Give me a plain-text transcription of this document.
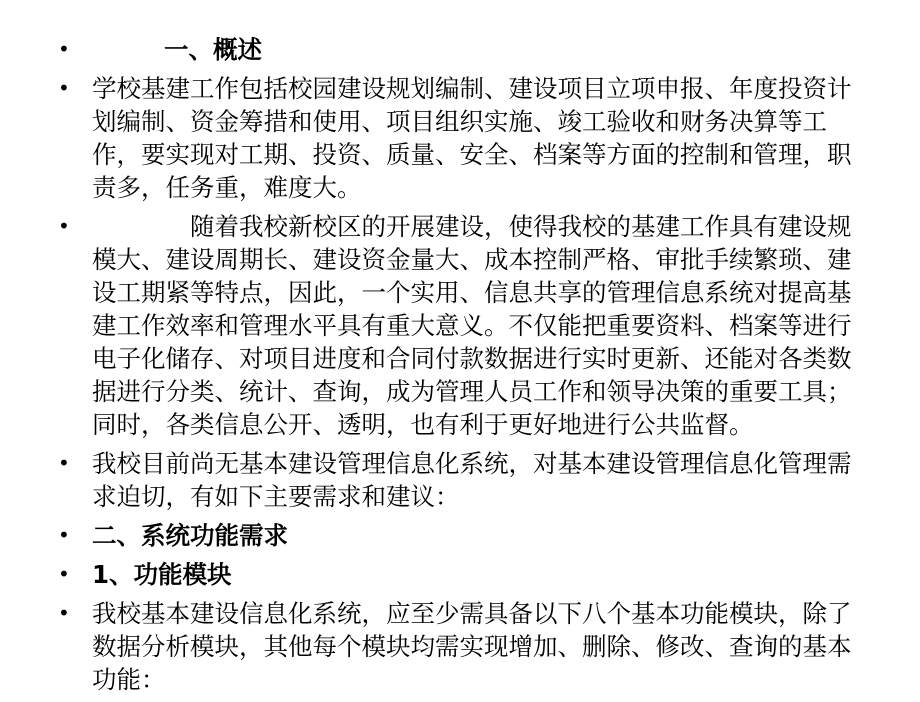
•	一、概述
• 学校基建工作包括校园建设规划编制、建设项目立项申报、年度投资计划编制、资金筹措和使用、项目组织实施、竣工验收和财务决算等工作，要实现对工期、投资、质量、安全、档案等方面的控制和管理，职责多，任务重，难度大。
•	随着我校新校区的开展建设，使得我校的基建工作具有建设规模大、建设周期长、建设资金量大、成本控制严格、审批手续繁琐、建设工期紧等特点，因此，一个实用、信息共享的管理信息系统对提高基建工作效率和管理水平具有重大意义。不仅能把重要资料、档案等进行电子化储存、对项目进度和合同付款数据进行实时更新、还能对各类数据进行分类、统计、查询，成为管理人员工作和领导决策的重要工具；同时，各类信息公开、透明，也有利于更好地进行公共监督。
• 我校目前尚无基本建设管理信息化系统，对基本建设管理信息化管理需求迫切，有如下主要需求和建议：
• 二、系统功能需求
• 1、功能模块
• 我校基本建设信息化系统，应至少需具备以下八个基本功能模块，除了数据分析模块，其他每个模块均需实现增加、删除、修改、查询的基本功能：
